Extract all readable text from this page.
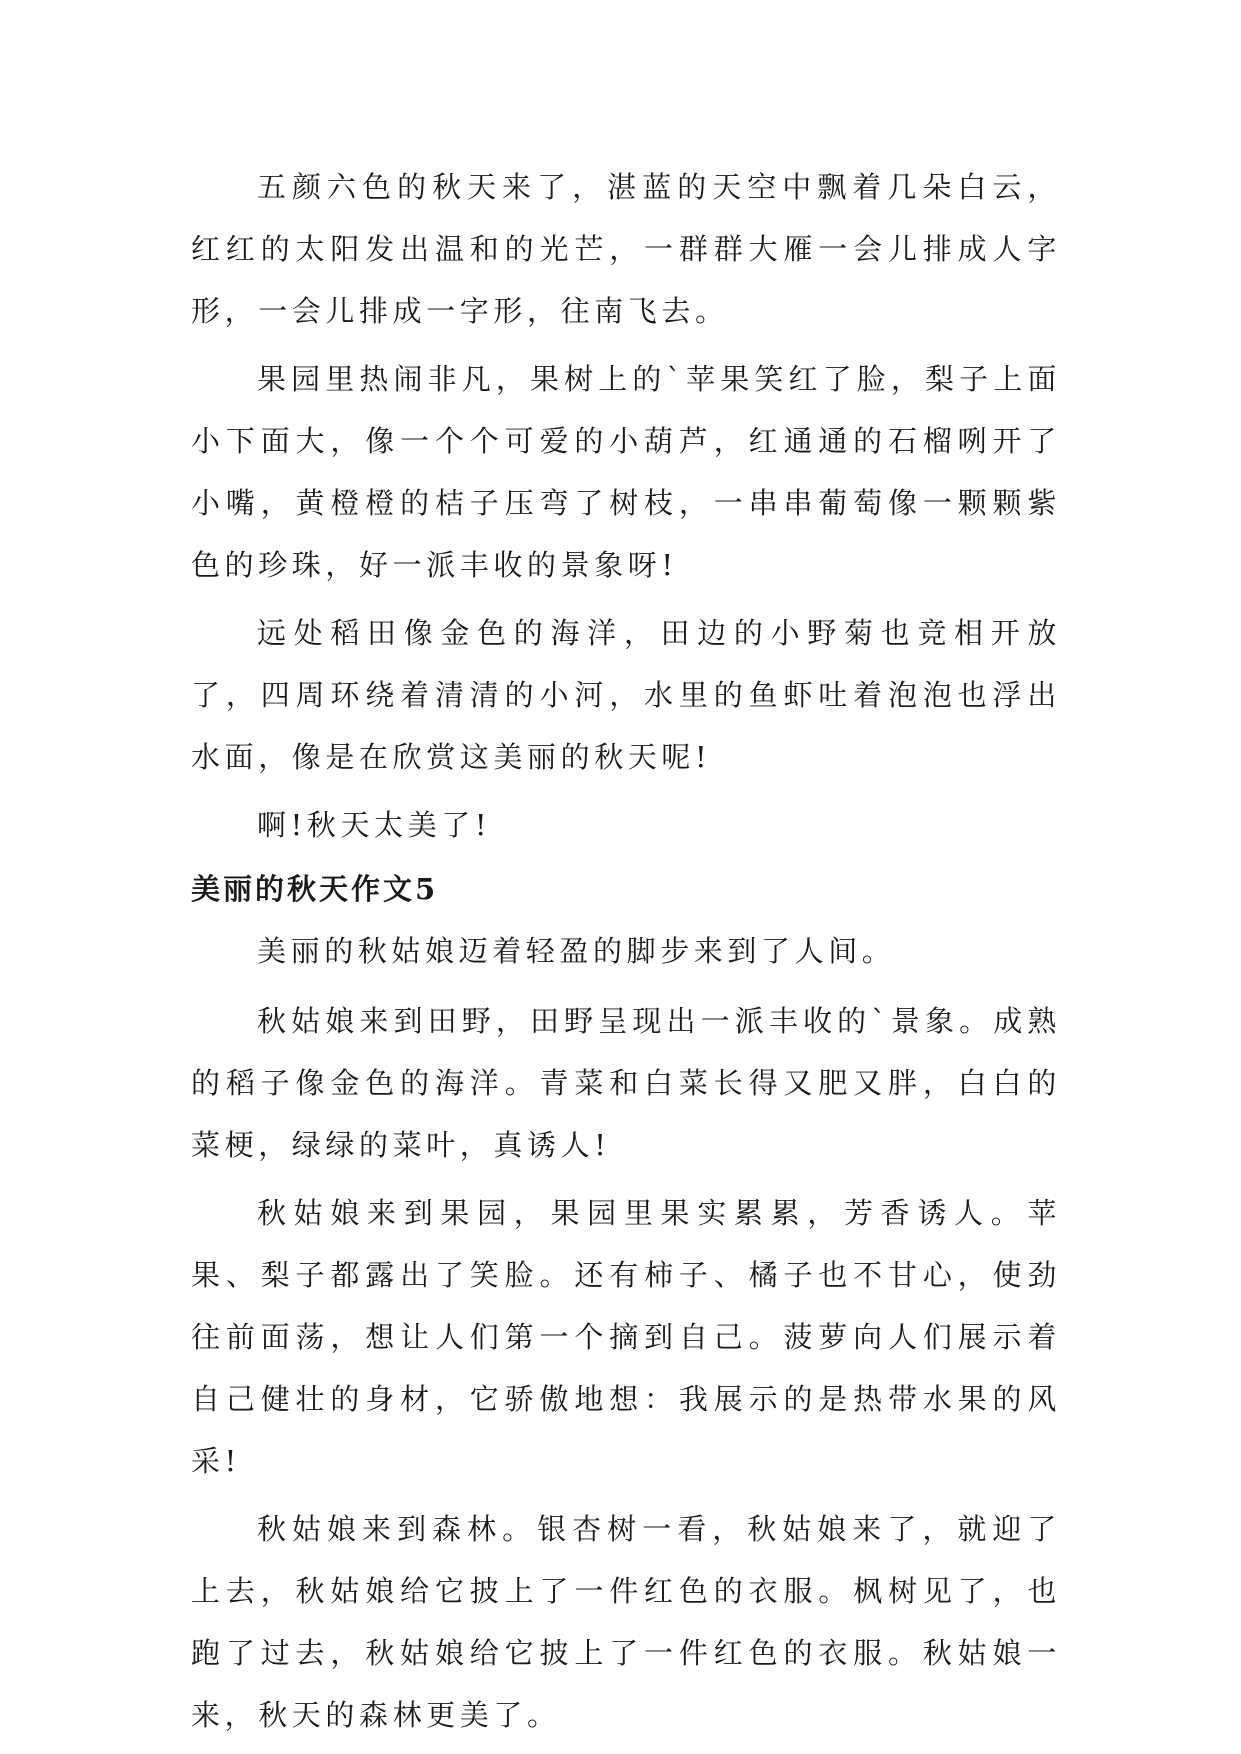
五颜六色的秋天来了，湛蓝的天空中飘着几朵白云，红红的太阳发出温和的光芒，一群群大雁一会儿排成人字形，一会儿排成一字形，往南飞去。

果园里热闹非凡，果树上的`苹果笑红了脸，梨子上面小下面大，像一个个可爱的小葫芦，红通通的石榴咧开了小嘴，黄橙橙的桔子压弯了树枝，一串串葡萄像一颗颗紫色的珍珠，好一派丰收的景象呀!

远处稻田像金色的海洋，田边的小野菊也竞相开放了，四周环绕着清清的小河，水里的鱼虾吐着泡泡也浮出水面，像是在欣赏这美丽的秋天呢!

啊!秋天太美了!

美丽的秋天作文5

美丽的秋姑娘迈着轻盈的脚步来到了人间。

秋姑娘来到田野，田野呈现出一派丰收的`景象。成熟的稻子像金色的海洋。青菜和白菜长得又肥又胖，白白的菜梗，绿绿的菜叶，真诱人!

秋姑娘来到果园，果园里果实累累，芳香诱人。苹果、梨子都露出了笑脸。还有柿子、橘子也不甘心，使劲往前面荡，想让人们第一个摘到自己。菠萝向人们展示着自己健壮的身材，它骄傲地想：我展示的是热带水果的风采!

秋姑娘来到森林。银杏树一看，秋姑娘来了，就迎了上去，秋姑娘给它披上了一件红色的衣服。枫树见了，也跑了过去，秋姑娘给它披上了一件红色的衣服。秋姑娘一来，秋天的森林更美了。
